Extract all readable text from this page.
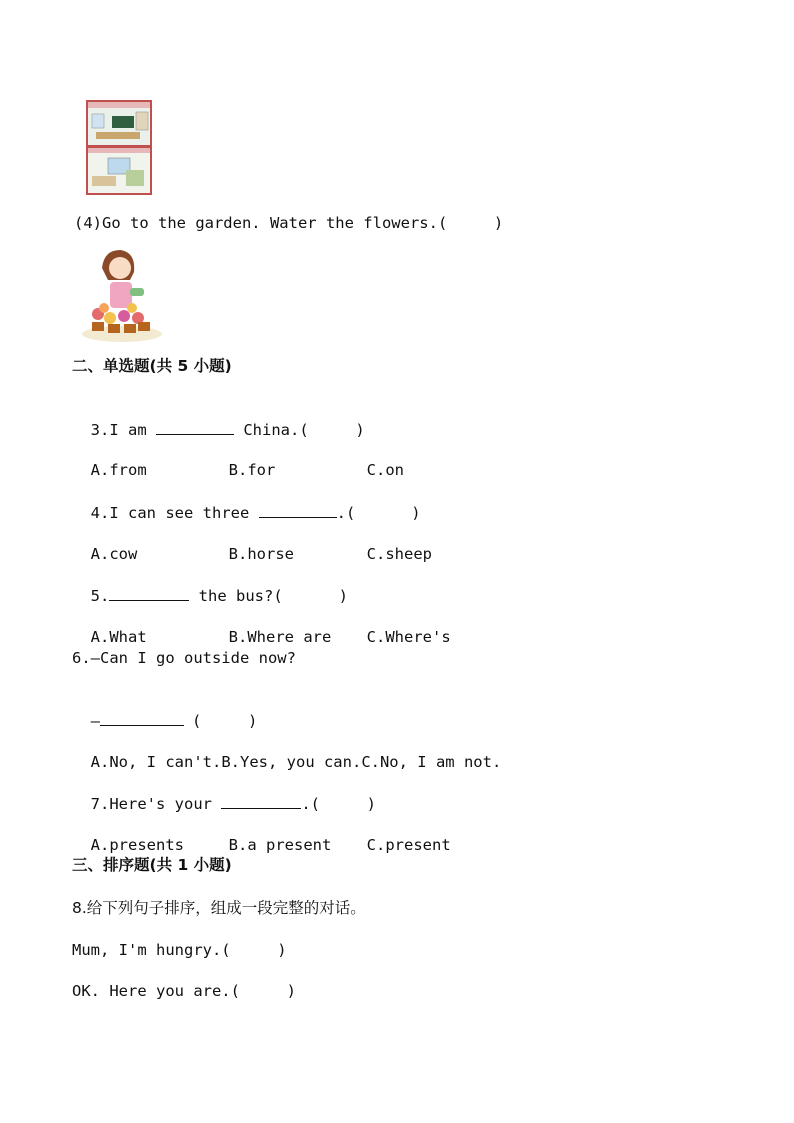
(4)Go to the garden. Water the flowers.(     )
二、单选题(共 5 小题)

3.I am	China.(     )

A.from	B.for	C.on

4.I can see three	.(      )

A.cow	B.horse	C.sheep

5.	the bus?(      )

A.What	B.Where are C.Where's

6.—Can I go outside now?

—	(     )

A.No, I can't.B.Yes, you can.C.No, I am not.

7.Here's your	.(     )

A.presents	B.a present C.present

三、排序题(共 1 小题)
8.给下列句子排序，组成一段完整的对话。
Mum, I'm hungry.(     )
OK. Here you are.(     )
